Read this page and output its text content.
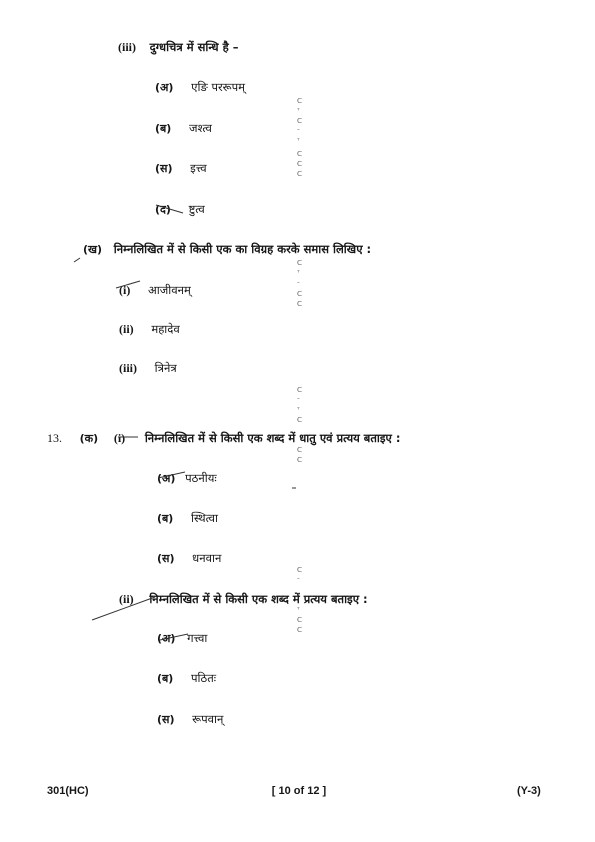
(iii) दुग्धचित्र में सन्धि है –
(अ) एङि पररूपम्
(ब) जश्त्व
(स) इत्त्व
(द) ष्टुत्व
(ख) निम्नलिखित में से किसी एक का विग्रह करके समास लिखिए :
(i) आजीवनम्
(ii) महादेव
(iii) त्रिनेत्र
13. (क) (i) निम्नलिखित में से किसी एक शब्द में धातु एवं प्रत्यय बताइए :
(अ) पठनीयः
(ब) स्थित्वा
(स) धनवान
(ii) निम्नलिखित में से किसी एक शब्द में प्रत्यय बताइए :
(अ) गत्त्वा
(ब) पठितः
(स) रूपवान्
301(HC)	[ 10 of 12 ]	(Y-3)
ᑕ
ᐪ
ᑕ
ᐨ
ᐪ
ᑕ
ᑕ
ᑕ
ᑕ
ᐪ
ᐨ
ᑕ
ᑕ
ᑕ
ᐨ
ᐪ
ᑕ
ᑕ
ᑕ
ᑕ
ᐨ
ᐪ
ᑕ
ᑕ
